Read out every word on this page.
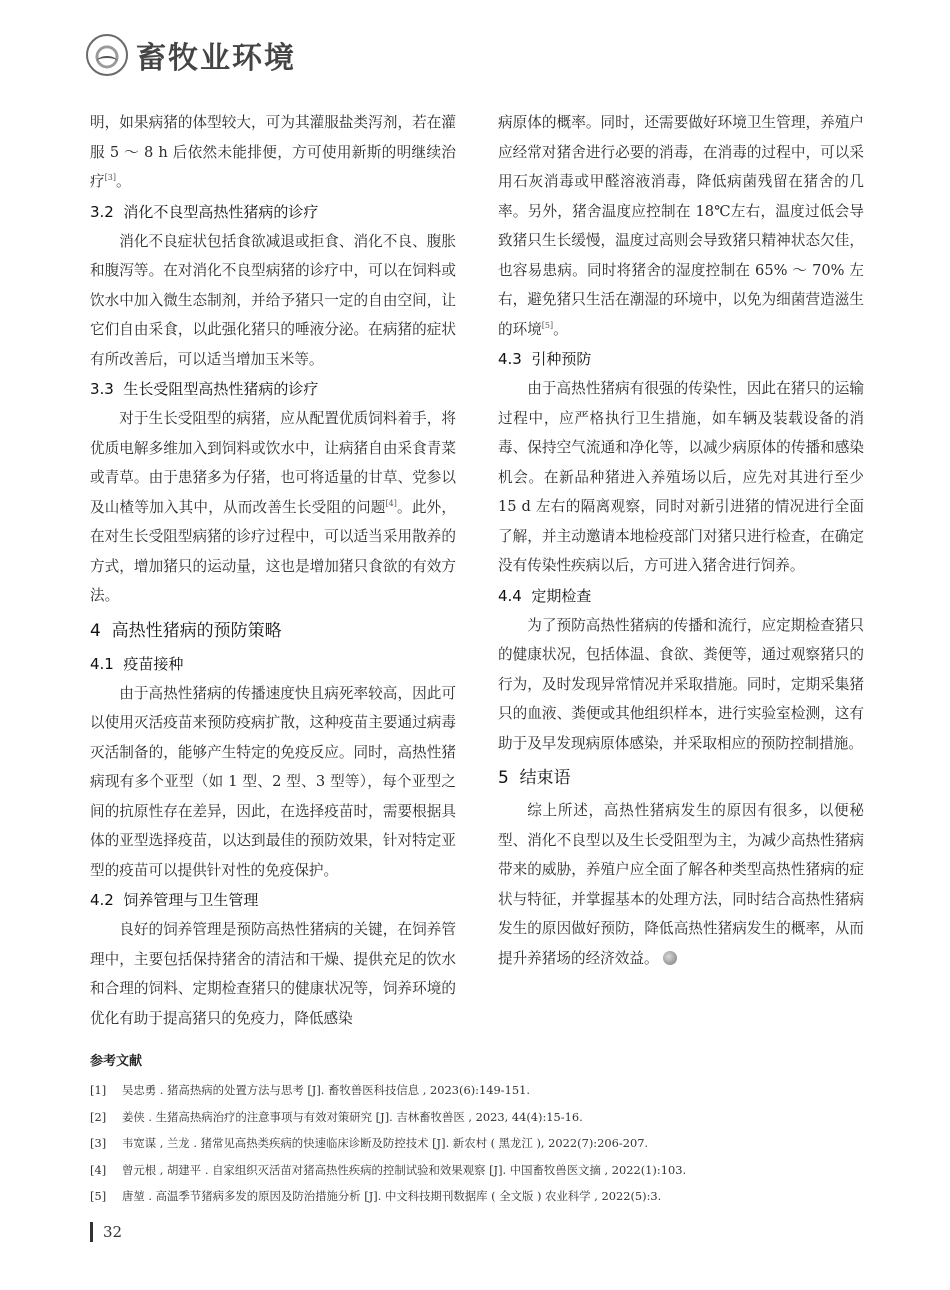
畜牧业环境

明，如果病猪的体型较大，可为其灌服盐类泻剂，若在灌服 5 ～ 8 h 后依然未能排便，方可使用新斯的明继续治疗[3]。

3.2  消化不良型高热性猪病的诊疗

消化不良症状包括食欲减退或拒食、消化不良、腹胀和腹泻等。在对消化不良型病猪的诊疗中，可以在饲料或饮水中加入微生态制剂，并给予猪只一定的自由空间，让它们自由采食，以此强化猪只的唾液分泌。在病猪的症状有所改善后，可以适当增加玉米等。

3.3  生长受阻型高热性猪病的诊疗

对于生长受阻型的病猪，应从配置优质饲料着手，将优质电解多维加入到饲料或饮水中，让病猪自由采食青菜或青草。由于患猪多为仔猪，也可将适量的甘草、党参以及山楂等加入其中，从而改善生长受阻的问题[4]。此外，在对生长受阻型病猪的诊疗过程中，可以适当采用散养的方式，增加猪只的运动量，这也是增加猪只食欲的有效方法。

4  高热性猪病的预防策略

4.1  疫苗接种

由于高热性猪病的传播速度快且病死率较高，因此可以使用灭活疫苗来预防疫病扩散，这种疫苗主要通过病毒灭活制备的，能够产生特定的免疫反应。同时，高热性猪病现有多个亚型（如 1 型、2 型、3 型等），每个亚型之间的抗原性存在差异，因此，在选择疫苗时，需要根据具体的亚型选择疫苗，以达到最佳的预防效果，针对特定亚型的疫苗可以提供针对性的免疫保护。

4.2  饲养管理与卫生管理

良好的饲养管理是预防高热性猪病的关键，在饲养管理中，主要包括保持猪舍的清洁和干燥、提供充足的饮水和合理的饲料、定期检查猪只的健康状况等，饲养环境的优化有助于提高猪只的免疫力，降低感染

病原体的概率。同时，还需要做好环境卫生管理，养殖户应经常对猪舍进行必要的消毒，在消毒的过程中，可以采用石灰消毒或甲醛溶液消毒，降低病菌残留在猪舍的几率。另外，猪舍温度应控制在 18℃左右，温度过低会导致猪只生长缓慢，温度过高则会导致猪只精神状态欠佳，也容易患病。同时将猪舍的湿度控制在 65% ～ 70% 左右，避免猪只生活在潮湿的环境中，以免为细菌营造滋生的环境[5]。

4.3  引种预防

由于高热性猪病有很强的传染性，因此在猪只的运输过程中，应严格执行卫生措施，如车辆及装载设备的消毒、保持空气流通和净化等，以减少病原体的传播和感染机会。在新品种猪进入养殖场以后，应先对其进行至少 15 d 左右的隔离观察，同时对新引进猪的情况进行全面了解，并主动邀请本地检疫部门对猪只进行检查，在确定没有传染性疾病以后，方可进入猪舍进行饲养。

4.4  定期检查

为了预防高热性猪病的传播和流行，应定期检查猪只的健康状况，包括体温、食欲、粪便等，通过观察猪只的行为，及时发现异常情况并采取措施。同时，定期采集猪只的血液、粪便或其他组织样本，进行实验室检测，这有助于及早发现病原体感染，并采取相应的预防控制措施。

5  结束语

综上所述，高热性猪病发生的原因有很多，以便秘型、消化不良型以及生长受阻型为主，为减少高热性猪病带来的威胁，养殖户应全面了解各种类型高热性猪病的症状与特征，并掌握基本的处理方法，同时结合高热性猪病发生的原因做好预防，降低高热性猪病发生的概率，从而提升养猪场的经济效益。

参考文献

[1]	吴忠勇 . 猪高热病的处置方法与思考 [J]. 畜牧兽医科技信息 , 2023(6):149-151.
[2]	姜侠 . 生猪高热病治疗的注意事项与有效对策研究 [J]. 吉林畜牧兽医 , 2023, 44(4):15-16.
[3]	韦宽谋 , 兰龙 . 猪常见高热类疾病的快速临床诊断及防控技术 [J]. 新农村 ( 黑龙江 ), 2022(7):206-207.
[4]	曾元根 , 胡建平 . 自家组织灭活苗对猪高热性疾病的控制试验和效果观察 [J]. 中国畜牧兽医文摘 , 2022(1):103.
[5]	唐堃 . 高温季节猪病多发的原因及防治措施分析 [J]. 中文科技期刊数据库 ( 全文版 ) 农业科学 , 2022(5):3.
32
